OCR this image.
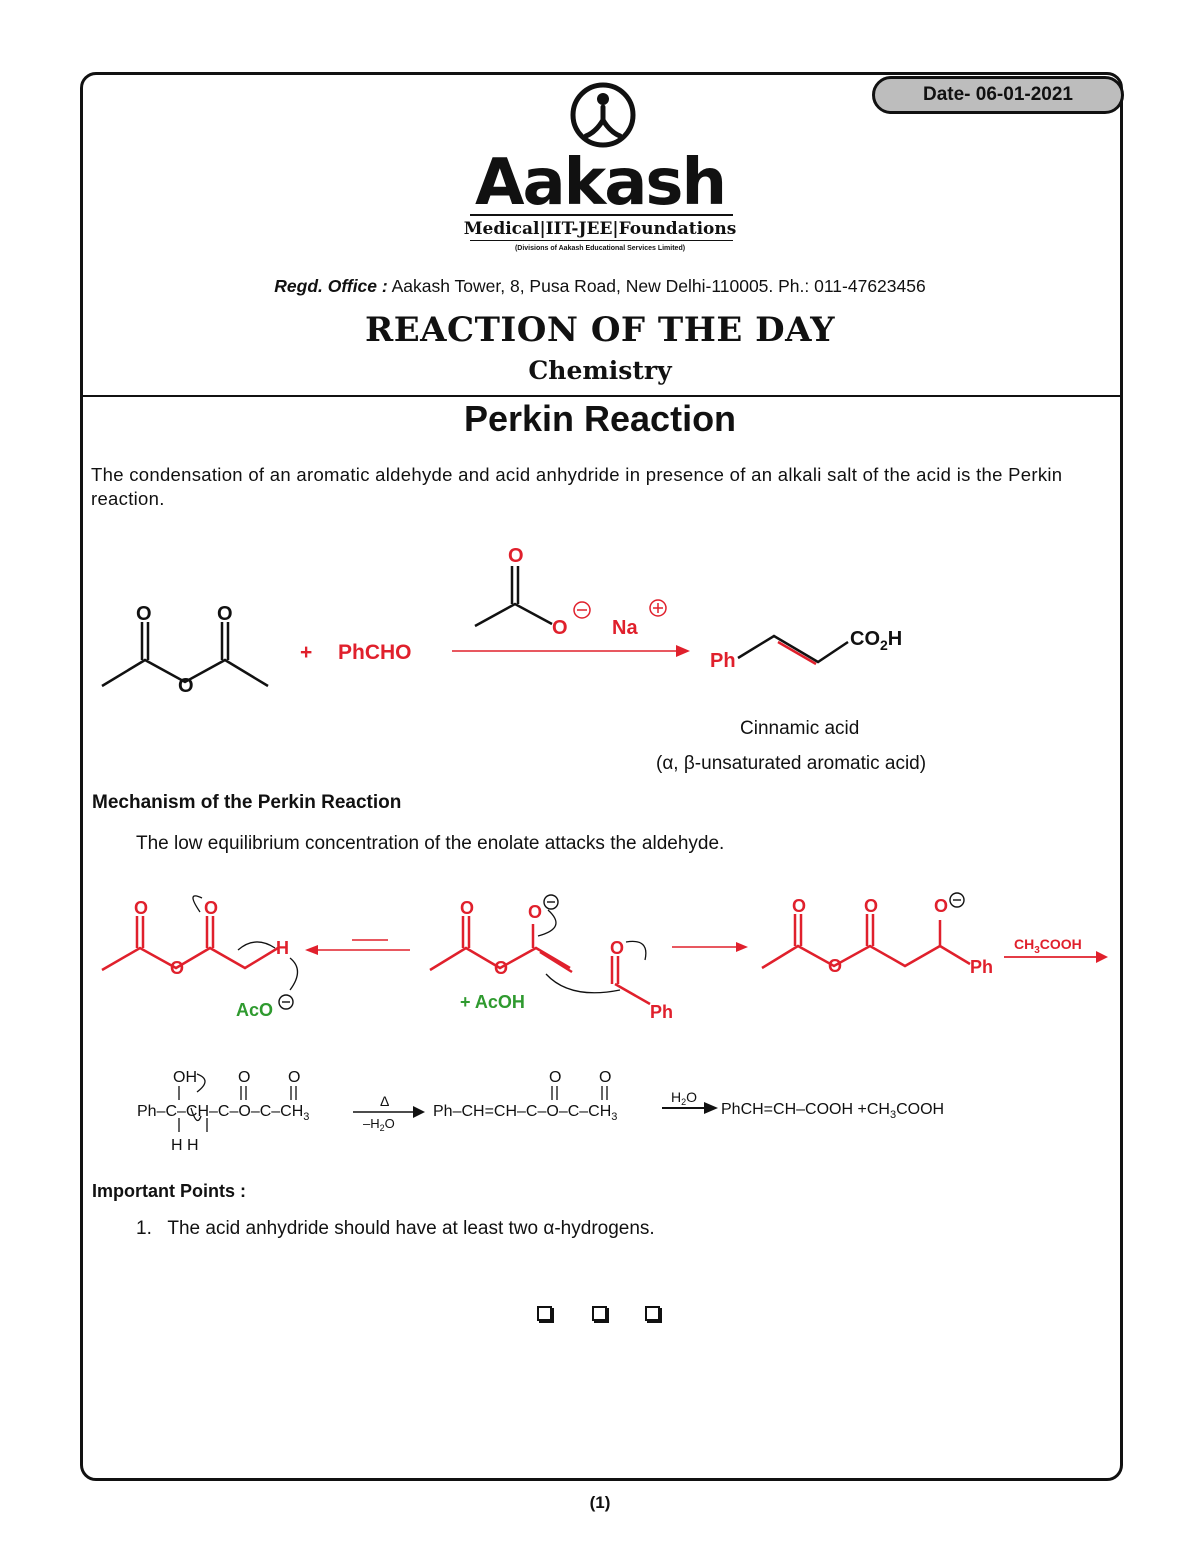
Date- 06-01-2021
Aakash
Medical|IIT-JEE|Foundations
(Divisions of Aakash Educational Services Limited)
Regd. Office : Aakash Tower, 8, Pusa Road, New Delhi-110005. Ph.: 011-47623456
REACTION OF THE DAY
Chemistry
Perkin Reaction
The condensation of an aromatic aldehyde and acid anhydride in presence of an alkali salt of the acid is the Perkin reaction.
O	O
O
+ PhCHO
O
O Na
Ph
$CO_2H$
Cinnamic acid
(α, β-unsaturated aromatic acid)
Mechanism of the Perkin Reaction
The low equilibrium concentration of the enolate attacks the aldehyde.
O	O
O
H
AcO
O	O
O
+ AcOH
O
Ph
O	O
O
O
Ph
$CH_3COOH$
OH	O O
$Ph-C-CH-C-O-C-CH_3$
H H
Δ
$-H_2O$
O O
$Ph-CH=CH-C-O-C-CH_3$
$H_2O$
PhCH=CH–COOH $+CH_3COOH$
Important Points :
1. The acid anhydride should have at least two α-hydrogens.
(1)
